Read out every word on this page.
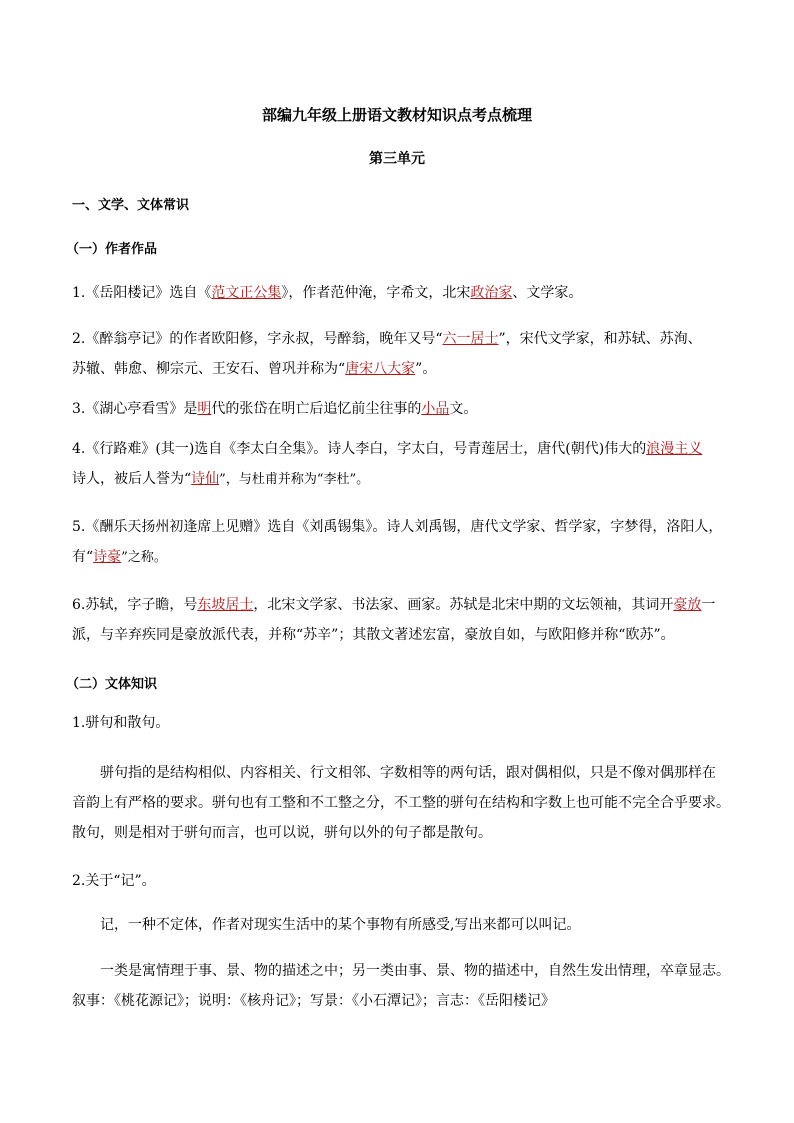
部编九年级上册语文教材知识点考点梳理
第三单元
一、文学、文体常识
（一）作者作品
1.《岳阳楼记》选自《范文正公集》，作者范仲淹，字希文，北宋政治家、文学家。
2.《醉翁亭记》的作者欧阳修，字永叔，号醉翁，晚年又号“六一居士”，宋代文学家，和苏轼、苏洵、
苏辙、韩愈、柳宗元、王安石、曾巩并称为“唐宋八大家”。
3.《湖心亭看雪》是明代的张岱在明亡后追忆前尘往事的小品文。
4.《行路难》(其一)选自《李太白全集》。诗人李白，字太白，号青莲居士，唐代(朝代)伟大的浪漫主义
诗人，被后人誉为“诗仙”，与杜甫并称为“李杜”。
5.《酬乐天扬州初逢席上见赠》选自《刘禹锡集》。诗人刘禹锡，唐代文学家、哲学家，字梦得，洛阳人，
有“诗豪”之称。
6.苏轼，字子瞻，号东坡居士，北宋文学家、书法家、画家。苏轼是北宋中期的文坛领袖，其词开豪放一
派，与辛弃疾同是豪放派代表，并称“苏辛”；其散文著述宏富，豪放自如，与欧阳修并称“欧苏”。
（二）文体知识
1.骈句和散句。
骈句指的是结构相似、内容相关、行文相邻、字数相等的两句话，跟对偶相似，只是不像对偶那样在
音韵上有严格的要求。骈句也有工整和不工整之分，不工整的骈句在结构和字数上也可能不完全合乎要求。
散句，则是相对于骈句而言，也可以说，骈句以外的句子都是散句。
2.关于“记”。
记，一种不定体，作者对现实生活中的某个事物有所感受,写出来都可以叫记。
一类是寓情理于事、景、物的描述之中；另一类由事、景、物的描述中，自然生发出情理，卒章显志。
叙事：《桃花源记》；说明：《核舟记》；写景：《小石潭记》；言志：《岳阳楼记》
